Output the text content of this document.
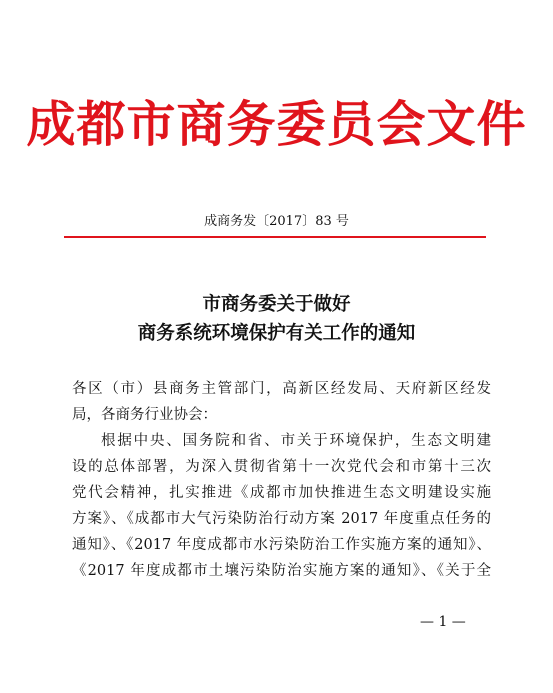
成都市商务委员会文件
成商务发〔2017〕83 号
市商务委关于做好
商务系统环境保护有关工作的通知

各区（市）县商务主管部门，高新区经发局、天府新区经发
局，各商务行业协会：

根据中央、国务院和省、市关于环境保护，生态文明建
设的总体部署，为深入贯彻省第十一次党代会和市第十三次
党代会精神，扎实推进《成都市加快推进生态文明建设实施
方案》、《成都市大气污染防治行动方案 2017 年度重点任务的
通知》、《2017 年度成都市水污染防治工作实施方案的通知》、
《2017 年度成都市土壤污染防治实施方案的通知》、《关于全

— 1 —
